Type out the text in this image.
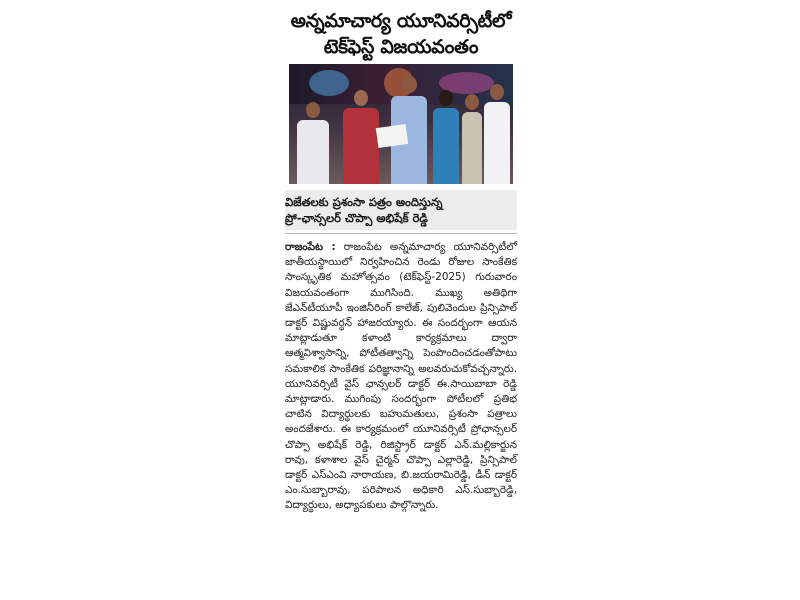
అన్నమాచార్య యూనివర్సిటీలో
టెక్‌ఫెస్ట్ విజయవంతం
విజేతలకు ప్రశంసా పత్రం అందిస్తున్న
ప్రో-ఛాన్సలర్ చొప్పా అభిషేక్ రెడ్డి
రాజంపేట : రాజంపేట అన్నమాచార్య యూనివర్సిటీలో జాతీయస్థాయిలో నిర్వహించిన రెండు రోజుల సాంకేతిక సాంస్కృతిక మహోత్సవం (టెక్‌ఫెస్ట్-2025) గురువారం విజయవంతంగా ముగిసింది. ముఖ్య అతిథిగా జేఎన్‌టీయూపీ ఇంజినీరింగ్ కాలేజ్, పులివెందుల ప్రిన్సిపాల్ డాక్టర్ విష్ణువర్ధన్ హాజరయ్యారు. ఈ సందర్భంగా ఆయన మాట్లాడుతూ కళాంటి కార్యక్రమాలు ద్వారా ఆత్మవిశ్వాసాన్ని, పోటీతత్వాన్ని పెంపొందించడంతోపాటు సమకాలిక సాంకేతిక పరిజ్ఞానాన్ని అలవరుచుకోవచ్చన్నారు. యూనివర్సిటీ వైస్ ఛాన్సలర్ డాక్టర్ ఈ.సాయిబాబా రెడ్డి మాట్లాడారు. ముగింపు సందర్భంగా పోటీలలో ప్రతిభ చాటిన విద్యార్థులకు బహుమతులు, ప్రశంసా పత్రాలు అందజేశారు. ఈ కార్యక్రమంలో యూనివర్సిటీ ప్రోఛాన్సలర్ చొప్పా అభిషేక్ రెడ్డి, రిజిస్ట్రార్ డాక్టర్ ఎన్.మల్లికార్జున రావు, కళాశాల వైస్ చైర్మన్ చొప్పా ఎల్లారెడ్డి, ప్రిన్సిపాల్ డాక్టర్ ఎస్ఎంవి నారాయణ, బి.జయరామిరెడ్డి, డీన్ డాక్టర్ ఎం.సుబ్బారావు, పరిపాలన అధికారి ఎస్.సుబ్బారెడ్డి, విద్యార్థులు, అధ్యాపకులు పాల్గొన్నారు.
